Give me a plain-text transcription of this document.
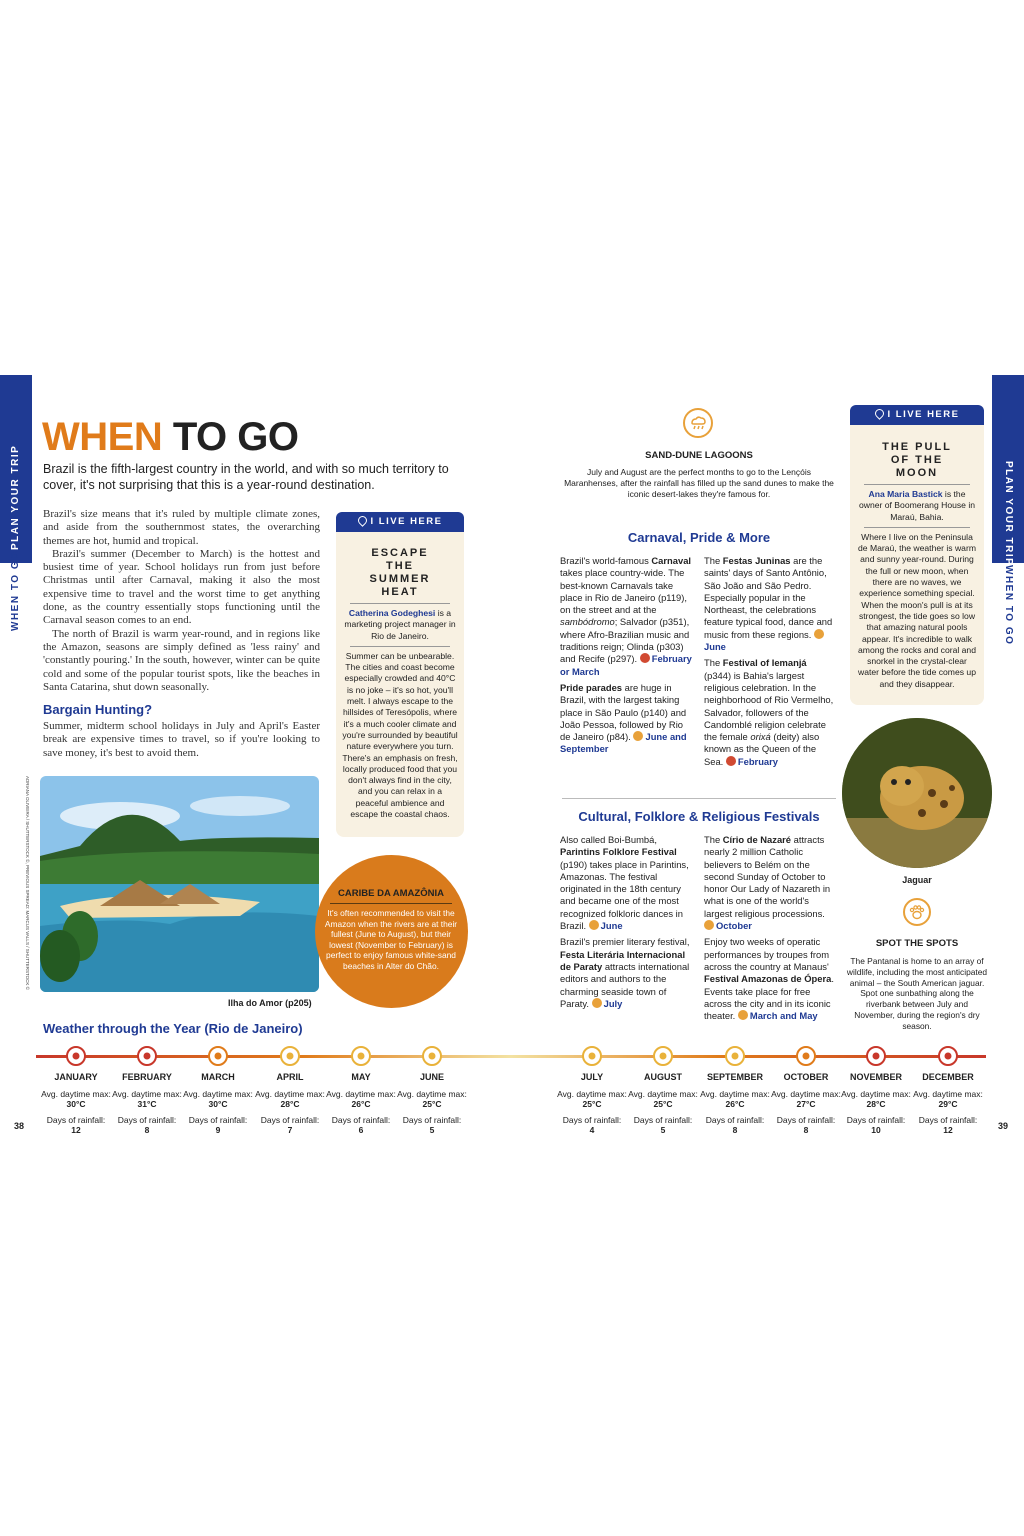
PLAN YOUR TRIP
WHEN TO GO
PLAN YOUR TRIP
WHEN TO GO
WHEN TO GO
Brazil is the fifth-largest country in the world, and with so much territory to cover, it's not surprising that this is a year-round destination.

Brazil's size means that it's ruled by multiple climate zones, and aside from the southernmost states, the overarching themes are hot, humid and tropical.

Brazil's summer (December to March) is the hottest and busiest time of year. School holidays run from just before Christmas until after Carnaval, making it also the most expensive time to travel and the worst time to get anything done, as the country essentially stops functioning until the Carnaval season comes to an end.

The north of Brazil is warm year-round, and in regions like the Amazon, seasons are simply defined as 'less rainy' and 'constantly pouring.' In the south, however, winter can be quite cold and some of the popular tourist spots, like the beaches in Santa Catarina, shut down seasonally.

Bargain Hunting?
Summer, midterm school holidays in July and April's Easter break are expensive times to travel, so if you're looking to save money, it's best to avoid them.
I LIVE HERE
ESCAPE THE SUMMER HEAT
Catherina Godeghesi is a marketing project manager in Rio de Janeiro.
Summer can be unbearable. The cities and coast become especially crowded and 40°C is no joke – it's so hot, you'll melt. I always escape to the hillsides of Teresópolis, where it's a much cooler climate and you're surrounded by beautiful nature everywhere you turn. There's an emphasis on fresh, locally produced food that you don't always find in the city, and you can relax in a peaceful ambience and escape the coastal chaos.
ADRIANA OLIVEIRA / SHUTTERSTOCK ©, PREVIOUS SPREAD: MARCUS VALLS / SHUTTERSTOCK ©
Ilha do Amor (p205)
CARIBE DA AMAZÔNIA
It's often recommended to visit the Amazon when the rivers are at their fullest (June to August), but their lowest (November to February) is perfect to enjoy famous white-sand beaches in Alter do Chão.
SAND-DUNE LAGOONS
July and August are the perfect months to go to the Lençóis Maranhenses, after the rainfall has filled up the sand dunes to make the iconic desert-lakes they're famous for.
Carnaval, Pride & More
Brazil's world-famous Carnaval takes place country-wide. The best-known Carnavals take place in Rio de Janeiro (p119), on the street and at the sambódromo; Salvador (p351), where Afro-Brazilian music and traditions reign; Olinda (p303) and Recife (p297). February or March
Pride parades are huge in Brazil, with the largest taking place in São Paulo (p140) and João Pessoa, followed by Rio de Janeiro (p84). June and September
The Festas Juninas are the saints' days of Santo Antônio, São João and São Pedro. Especially popular in the Northeast, the celebrations feature typical food, dance and music from these regions. June
The Festival of Iemanjá (p344) is Bahia's largest religious celebration. In the neighborhood of Rio Vermelho, Salvador, followers of the Candomblé religion celebrate the female orixá (deity) also known as the Queen of the Sea. February
Cultural, Folklore & Religious Festivals
Also called Boi-Bumbá, Parintins Folklore Festival (p190) takes place in Parintins, Amazonas. The festival originated in the 18th century and became one of the most recognized folkloric dances in Brazil. June
Brazil's premier literary festival, Festa Literária Internacional de Paraty attracts international editors and authors to the charming seaside town of Paraty. July
The Círio de Nazaré attracts nearly 2 million Catholic believers to Belém on the second Sunday of October to honor Our Lady of Nazareth in what is one of the world's largest religious processions. October
Enjoy two weeks of operatic performances by troupes from across the country at Manaus' Festival Amazonas de Ópera. Events take place for free across the city and in its iconic theater. March and May
I LIVE HERE
THE PULL OF THE MOON
Ana Maria Bastick is the owner of Boomerang House in Maraú, Bahia.
Where I live on the Peninsula de Maraú, the weather is warm and sunny year-round. During the full or new moon, when there are no waves, we experience something special. When the moon's pull is at its strongest, the tide goes so low that amazing natural pools appear. It's incredible to walk among the rocks and coral and snorkel in the crystal-clear water before the tide comes up and they disappear.
Jaguar
SPOT THE SPOTS
The Pantanal is home to an array of wildlife, including the most anticipated animal – the South American jaguar. Spot one sunbathing along the riverbank between July and November, during the region's dry season.
Weather through the Year (Rio de Janeiro)
JANUARY
Avg. daytime max: 30°C
Days of rainfall:
12
FEBRUARY
Avg. daytime max: 31°C
Days of rainfall:
8
MARCH
Avg. daytime max: 30°C
Days of rainfall:
9
APRIL
Avg. daytime max: 28°C
Days of rainfall:
7
MAY
Avg. daytime max: 26°C
Days of rainfall:
6
JUNE
Avg. daytime max: 25°C
Days of rainfall:
5
JULY
Avg. daytime max: 25°C
Days of rainfall:
4
AUGUST
Avg. daytime max: 25°C
Days of rainfall:
5
SEPTEMBER
Avg. daytime max: 26°C
Days of rainfall:
8
OCTOBER
Avg. daytime max: 27°C
Days of rainfall:
8
NOVEMBER
Avg. daytime max: 28°C
Days of rainfall:
10
DECEMBER
Avg. daytime max: 29°C
Days of rainfall:
12
38	39
